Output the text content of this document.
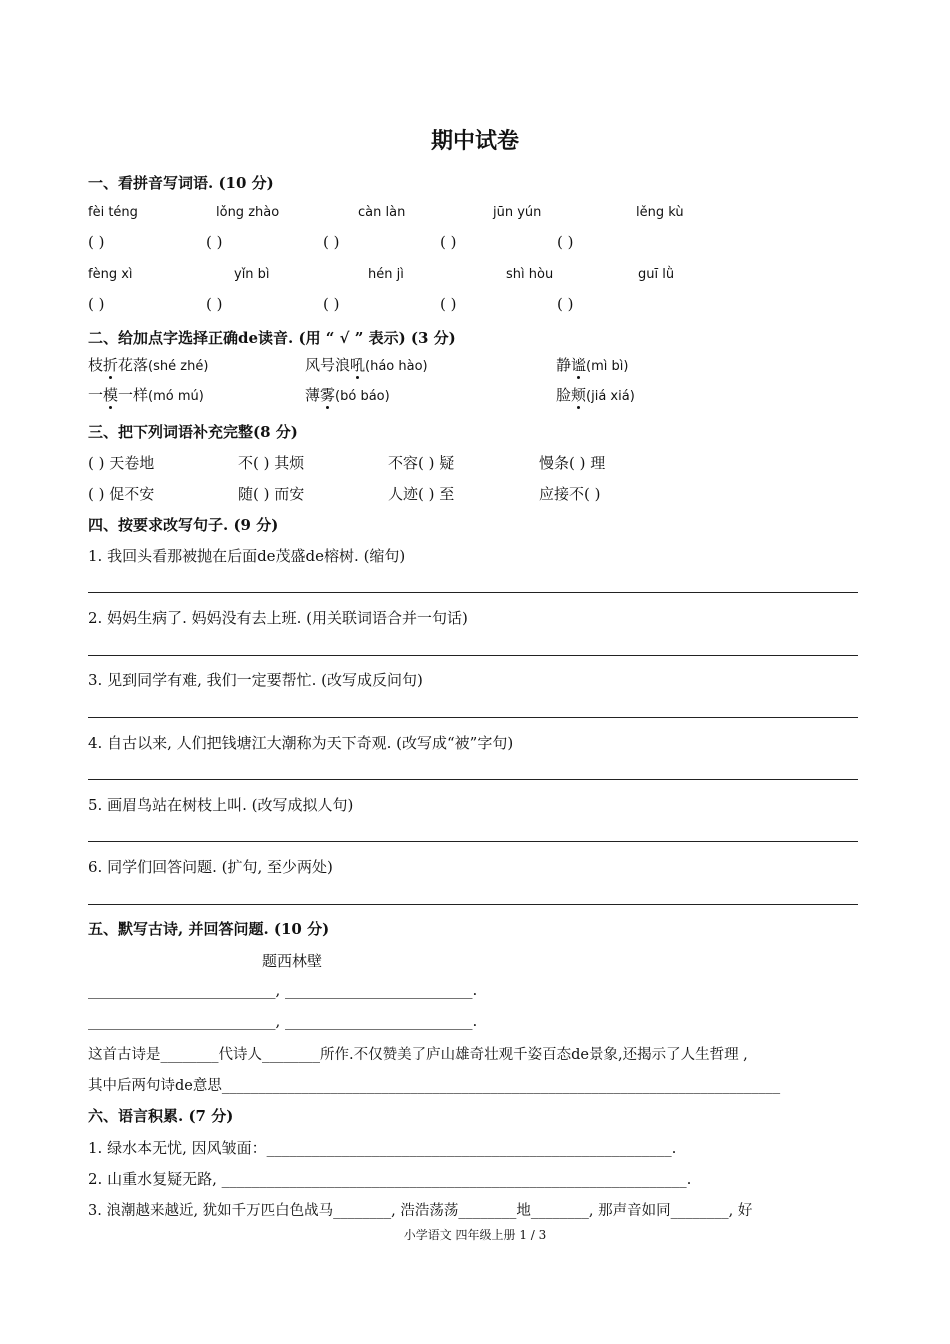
期中试卷
一、看拼音写词语. (10 分)
fèi téng	lǒng zhào	càn làn	jūn yún	lěng kù
( )	( )	( )	( )	( )
fèng xì	yǐn bì	hén jì	shì hòu	guī lǜ
( )	( )	( )	( )	( )
二、给加点字选择正确de读音. (用 “ √ ” 表示) (3 分)
枝折花落(shé zhé)	风号浪吼(háo hào)	静谧(mì bì)
一模一样(mó mú)	薄雾(bó báo)	脸颊(jiá xiá)
三、把下列词语补充完整(8 分)
( ) 天卷地	不( ) 其烦	不容( ) 疑	慢条( ) 理
( ) 促不安	随( ) 而安	人迹( ) 至	应接不( )
四、按要求改写句子. (9 分)
1. 我回头看那被抛在后面de茂盛de榕树. (缩句)
2. 妈妈生病了. 妈妈没有去上班. (用关联词语合并一句话)
3. 见到同学有难, 我们一定要帮忙. (改写成反问句)
4. 自古以来, 人们把钱塘江大潮称为天下奇观. (改写成“被”字句)
5. 画眉鸟站在树枝上叫. (改写成拟人句)
6. 同学们回答问题. (扩句, 至少两处)
五、默写古诗, 并回答问题. (10 分)
题西林壁
_________________________, _________________________.
_________________________, _________________________.
这首古诗是________代诗人________所作.不仅赞美了庐山雄奇壮观千姿百态de景象,还揭示了人生哲理 ,
其中后两句诗de意思_____________________________________________________________________________
六、语言积累. (7 分)
1. 绿水本无忧, 因风皱面：______________________________________________________.
2. 山重水复疑无路, ______________________________________________________________.
3. 浪潮越来越近, 犹如千万匹白色战马________, 浩浩荡荡________地________, 那声音如同________, 好
小学语文 四年级上册 1 / 3
